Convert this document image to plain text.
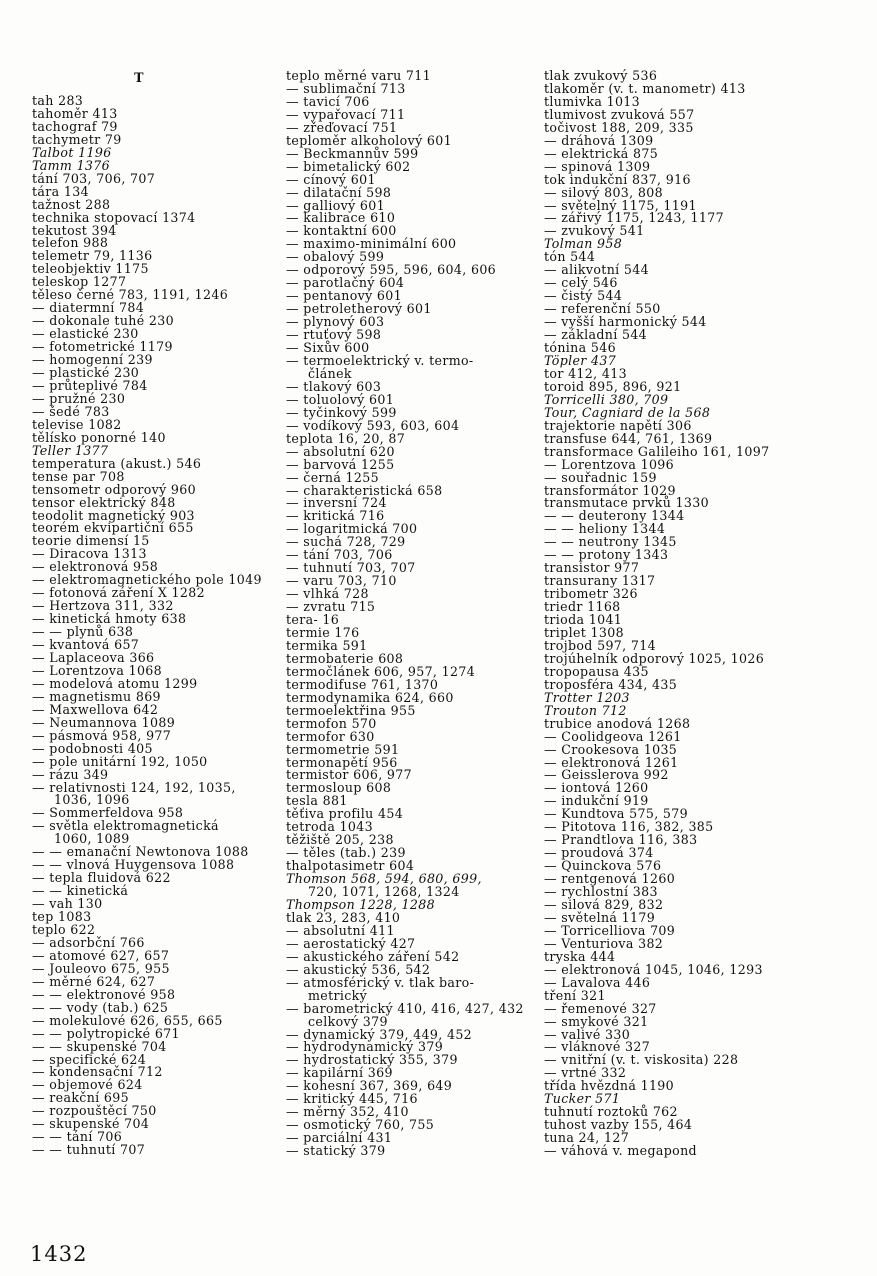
T
tah 283
tahoměr 413
tachograf 79
tachymetr 79
Talbot 1196
Tamm 1376
tání 703, 706, 707
tára 134
tažnost 288
technika stopovací 1374
tekutost 394
telefon 988
telemetr 79, 1136
teleobjektiv 1175
teleskop 1277
těleso černé 783, 1191, 1246
— diatermní 784
— dokonale tuhé 230
— elastické 230
— fotometrické 1179
— homogenní 239
— plastické 230
— průteplivé 784
— pružné 230
— šedé 783
televise 1082
tělísko ponorné 140
Teller 1377
temperatura (akust.) 546
tense par 708
tensometr odporový 960
tensor elektrický 848
teodolit magnetický 903
teorém ekvipartiční 655
teorie dimensí 15
— Diracova 1313
— elektronová 958
— elektromagnetického pole 1049
— fotonová záření X 1282
— Hertzova 311, 332
— kinetická hmoty 638
— — plynů 638
— kvantová 657
— Laplaceova 366
— Lorentzova 1068
— modelová atomu 1299
— magnetismu 869
— Maxwellova 642
— Neumannova 1089
— pásmová 958, 977
— podobnosti 405
— pole unitární 192, 1050
— rázu 349
— relativnosti 124, 192, 1035,
1036, 1096
— Sommerfeldova 958
— světla elektromagnetická
1060, 1089
— — emanační Newtonova 1088
— — vlnová Huygensova 1088
— tepla fluidová 622
— — kinetická
— vah 130
tep 1083
teplo 622
— adsorbční 766
— atomové 627, 657
— Jouleovo 675, 955
— měrné 624, 627
— — elektronové 958
— — vody (tab.) 625
— molekulové 626, 655, 665
— — polytropické 671
— — skupenské 704
— specifické 624
— kondensační 712
— objemové 624
— reakční 695
— rozpouštěcí 750
— skupenské 704
— — tání 706
— — tuhnutí 707
teplo měrné varu 711
— sublimační 713
— tavicí 706
— vypařovací 711
— zřeďovací 751
teploměr alkoholový 601
— Beckmannův 599
— bimetalický 602
— cínový 601
— dilatační 598
— galliový 601
— kalibrace 610
— kontaktní 600
— maximo-minimální 600
— obalový 599
— odporový 595, 596, 604, 606
— parotlačný 604
— pentanový 601
— petroletherový 601
— plynový 603
— rtuťový 598
— Sixův 600
— termoelektrický v. termo-
článek
— tlakový 603
— toluolový 601
— tyčinkový 599
— vodíkový 593, 603, 604
teplota 16, 20, 87
— absolutní 620
— barvová 1255
— černá 1255
— charakteristická 658
— inversní 724
— kritická 716
— logaritmická 700
— suchá 728, 729
— tání 703, 706
— tuhnutí 703, 707
— varu 703, 710
— vlhká 728
— zvratu 715
tera- 16
termie 176
termika 591
termobaterie 608
termočlánek 606, 957, 1274
termodifuse 761, 1370
termodynamika 624, 660
termoelektřina 955
termofon 570
termofor 630
termometrie 591
termonapětí 956
termistor 606, 977
termosloup 608
tesla 881
těťiva profilu 454
tetroda 1043
těžiště 205, 238
— těles (tab.) 239
thalpotasimetr 604
Thomson 568, 594, 680, 699,
720, 1071, 1268, 1324
Thompson 1228, 1288
tlak 23, 283, 410
— absolutní 411
— aerostatický 427
— akustického záření 542
— akustický 536, 542
— atmosférický v. tlak baro-
metrický
— barometrický 410, 416, 427, 432
celkový 379
— dynamický 379, 449, 452
— hydrodynamický 379
— hydrostatický 355, 379
— kapilární 369
— kohesní 367, 369, 649
— kritický 445, 716
— měrný 352, 410
— osmotický 760, 755
— parciální 431
— statický 379
tlak zvukový 536
tlakoměr (v. t. manometr) 413
tlumivka 1013
tlumivost zvuková 557
točivost 188, 209, 335
— dráhová 1309
— elektrická 875
— spinová 1309
tok indukční 837, 916
— silový 803, 808
— světelný 1175, 1191
— zářivý 1175, 1243, 1177
— zvukový 541
Tolman 958
tón 544
— alikvotní 544
— celý 546
— čistý 544
— referenční 550
— vyšší harmonický 544
— základní 544
tónina 546
Töpler 437
tor 412, 413
toroid 895, 896, 921
Torricelli 380, 709
Tour, Cagniard de la 568
trajektorie napětí 306
transfuse 644, 761, 1369
transformace Galileiho 161, 1097
— Lorentzova 1096
— souřadnic 159
transformátor 1029
transmutace prvků 1330
— — deuterony 1344
— — heliony 1344
— — neutrony 1345
— — protony 1343
transistor 977
transurany 1317
tribometr 326
triedr 1168
trioda 1041
triplet 1308
trojbod 597, 714
trojúhelník odporový 1025, 1026
tropopausa 435
troposféra 434, 435
Trotter 1203
Trouton 712
trubice anodová 1268
— Coolidgeova 1261
— Crookesova 1035
— elektronová 1261
— Geisslerova 992
— iontová 1260
— indukční 919
— Kundtova 575, 579
— Pitotova 116, 382, 385
— Prandtlova 116, 383
— proudová 374
— Quinckova 576
— rentgenová 1260
— rychlostní 383
— silová 829, 832
— světelná 1179
— Torricelliova 709
— Venturiova 382
tryska 444
— elektronová 1045, 1046, 1293
— Lavalova 446
tření 321
— řemenové 327
— smykové 321
— valivé 330
— vláknové 327
— vnitřní (v. t. viskosita) 228
— vrtné 332
třída hvězdná 1190
Tucker 571
tuhnutí roztoků 762
tuhost vazby 155, 464
tuna 24, 127
— váhová v. megapond
1432
